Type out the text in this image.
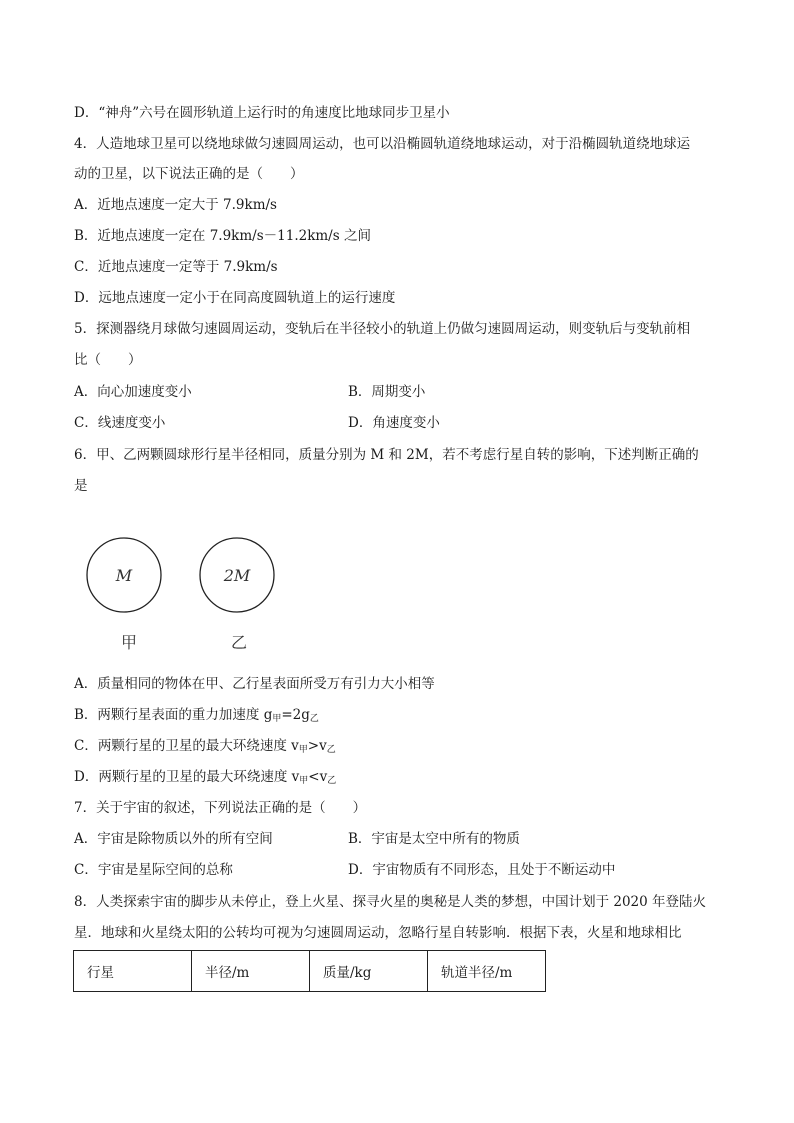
D．“神舟”六号在圆形轨道上运行时的角速度比地球同步卫星小
4．人造地球卫星可以绕地球做匀速圆周运动，也可以沿椭圆轨道绕地球运动，对于沿椭圆轨道绕地球运
动的卫星，以下说法正确的是（　　）
A．近地点速度一定大于 7.9km/s
B．近地点速度一定在 7.9km/s－11.2km/s 之间
C．近地点速度一定等于 7.9km/s
D．远地点速度一定小于在同高度圆轨道上的运行速度
5．探测器绕月球做匀速圆周运动，变轨后在半径较小的轨道上仍做匀速圆周运动，则变轨后与变轨前相
比（　　）
A．向心加速度变小	B．周期变小
C．线速度变小	D．角速度变小
6．甲、乙两颗圆球形行星半径相同，质量分别为 M 和 2M，若不考虑行星自转的影响，下述判断正确的
是
M	2M
甲	乙
A．质量相同的物体在甲、乙行星表面所受万有引力大小相等
B．两颗行星表面的重力加速度 $g_甲=2g_乙$
C．两颗行星的卫星的最大环绕速度 $v_甲>v_乙$
D．两颗行星的卫星的最大环绕速度 $v_甲<v_乙$
7．关于宇宙的叙述，下列说法正确的是（　　）
A．宇宙是除物质以外的所有空间	B．宇宙是太空中所有的物质
C．宇宙是星际空间的总称	D．宇宙物质有不同形态，且处于不断运动中
8．人类探索宇宙的脚步从未停止，登上火星、探寻火星的奥秘是人类的梦想，中国计划于 2020 年登陆火
星．地球和火星绕太阳的公转均可视为匀速圆周运动，忽略行星自转影响．根据下表，火星和地球相比
行星	半径/m	质量/kg	轨道半径/m
